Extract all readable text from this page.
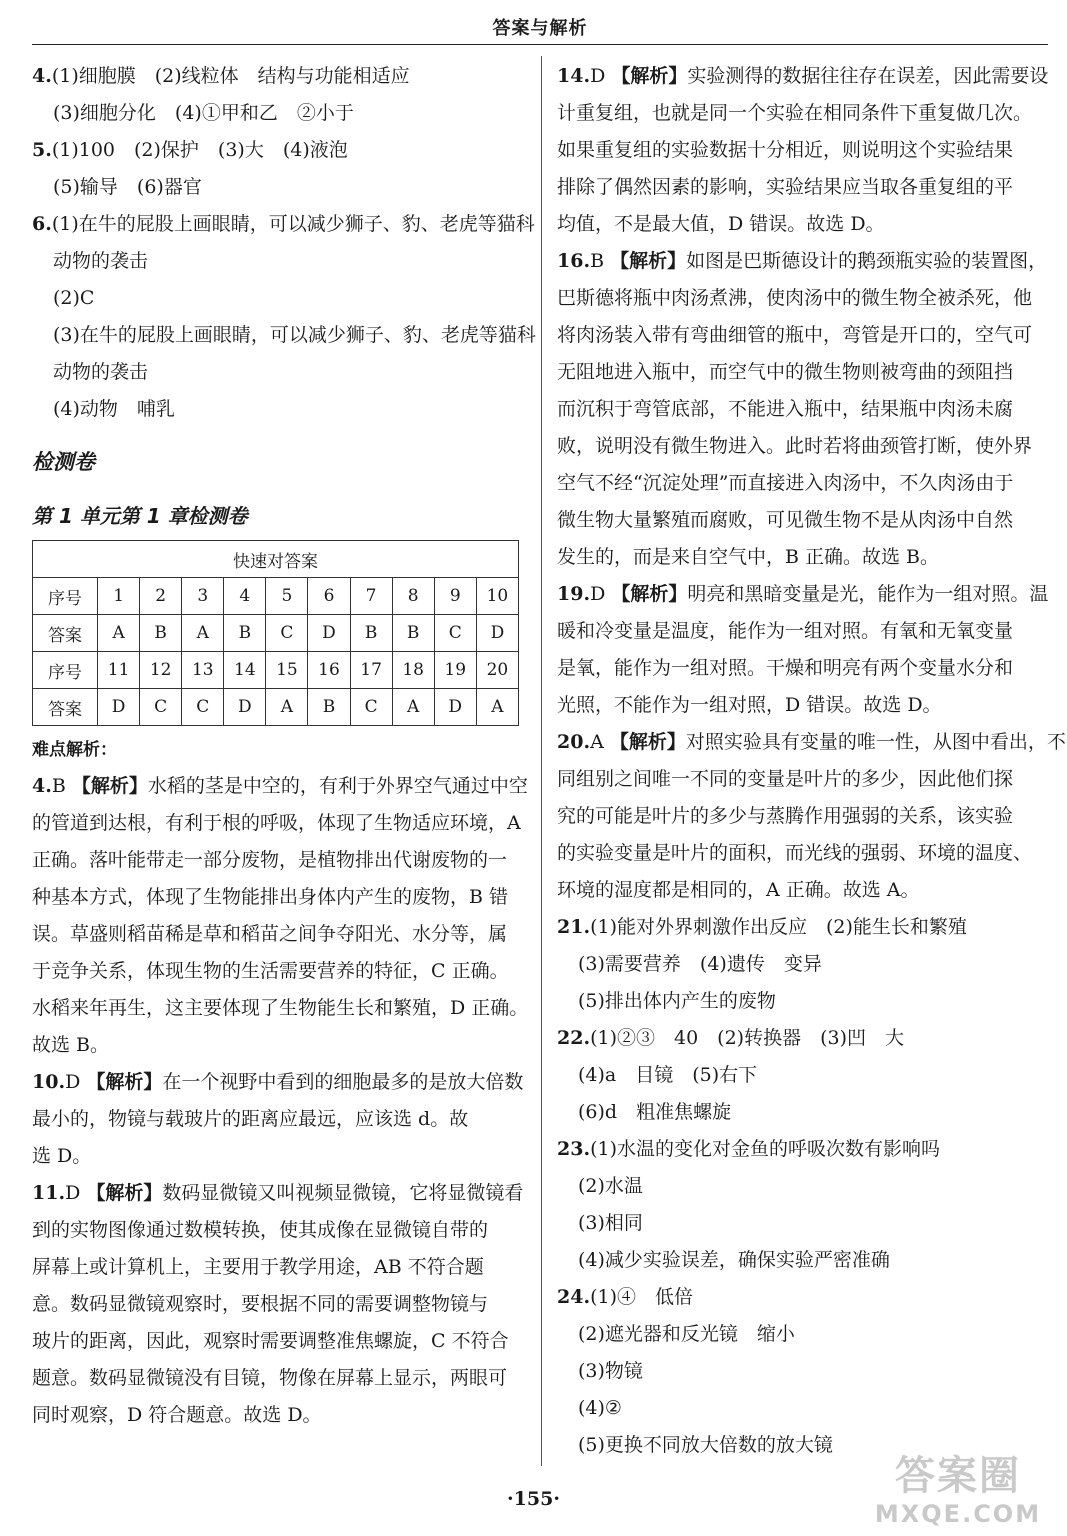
答案与解析
4.(1)细胞膜　(2)线粒体　结构与功能相适应
(3)细胞分化　(4)①甲和乙　②小于
5.(1)100　(2)保护　(3)大　(4)液泡
(5)输导　(6)器官
6.(1)在牛的屁股上画眼睛，可以减少狮子、豹、老虎等猫科
动物的袭击
(2)C
(3)在牛的屁股上画眼睛，可以减少狮子、豹、老虎等猫科
动物的袭击
(4)动物　哺乳
检测卷
第 1 单元第 1 章检测卷
快速对答案										
序号	1	2	3	4	5	6	7	8	9	10
答案	A	B	A	B	C	D	B	B	C	D
序号	11	12	13	14	15	16	17	18	19	20
答案	D	C	C	D	A	B	C	A	D	A
难点解析：
4.B 【解析】水稻的茎是中空的，有利于外界空气通过中空
的管道到达根，有利于根的呼吸，体现了生物适应环境，A
正确。落叶能带走一部分废物，是植物排出代谢废物的一
种基本方式，体现了生物能排出身体内产生的废物，B 错
误。草盛则稻苗稀是草和稻苗之间争夺阳光、水分等，属
于竞争关系，体现生物的生活需要营养的特征，C 正确。
水稻来年再生，这主要体现了生物能生长和繁殖，D 正确。
故选 B。
10.D 【解析】在一个视野中看到的细胞最多的是放大倍数
最小的，物镜与载玻片的距离应最远，应该选 d。故
选 D。
11.D 【解析】数码显微镜又叫视频显微镜，它将显微镜看
到的实物图像通过数模转换，使其成像在显微镜自带的
屏幕上或计算机上，主要用于教学用途，AB 不符合题
意。数码显微镜观察时，要根据不同的需要调整物镜与
玻片的距离，因此，观察时需要调整准焦螺旋，C 不符合
题意。数码显微镜没有目镜，物像在屏幕上显示，两眼可
同时观察，D 符合题意。故选 D。
14.D 【解析】实验测得的数据往往存在误差，因此需要设
计重复组，也就是同一个实验在相同条件下重复做几次。
如果重复组的实验数据十分相近，则说明这个实验结果
排除了偶然因素的影响，实验结果应当取各重复组的平
均值，不是最大值，D 错误。故选 D。
16.B 【解析】如图是巴斯德设计的鹅颈瓶实验的装置图，
巴斯德将瓶中肉汤煮沸，使肉汤中的微生物全被杀死，他
将肉汤装入带有弯曲细管的瓶中，弯管是开口的，空气可
无阻地进入瓶中，而空气中的微生物则被弯曲的颈阻挡
而沉积于弯管底部，不能进入瓶中，结果瓶中肉汤未腐
败，说明没有微生物进入。此时若将曲颈管打断，使外界
空气不经“沉淀处理”而直接进入肉汤中，不久肉汤由于
微生物大量繁殖而腐败，可见微生物不是从肉汤中自然
发生的，而是来自空气中，B 正确。故选 B。
19.D 【解析】明亮和黑暗变量是光，能作为一组对照。温
暖和冷变量是温度，能作为一组对照。有氧和无氧变量
是氧，能作为一组对照。干燥和明亮有两个变量水分和
光照，不能作为一组对照，D 错误。故选 D。
20.A 【解析】对照实验具有变量的唯一性，从图中看出，不
同组别之间唯一不同的变量是叶片的多少，因此他们探
究的可能是叶片的多少与蒸腾作用强弱的关系，该实验
的实验变量是叶片的面积，而光线的强弱、环境的温度、
环境的湿度都是相同的，A 正确。故选 A。
21.(1)能对外界刺激作出反应　(2)能生长和繁殖
(3)需要营养　(4)遗传　变异
(5)排出体内产生的废物
22.(1)②③　40　(2)转换器　(3)凹　大
(4)a　目镜　(5)右下
(6)d　粗准焦螺旋
23.(1)水温的变化对金鱼的呼吸次数有影响吗
(2)水温
(3)相同
(4)减少实验误差，确保实验严密准确
24.(1)④　低倍
(2)遮光器和反光镜　缩小
(3)物镜
(4)②
(5)更换不同放大倍数的放大镜
·155·	答案圈
MXQE.COM
